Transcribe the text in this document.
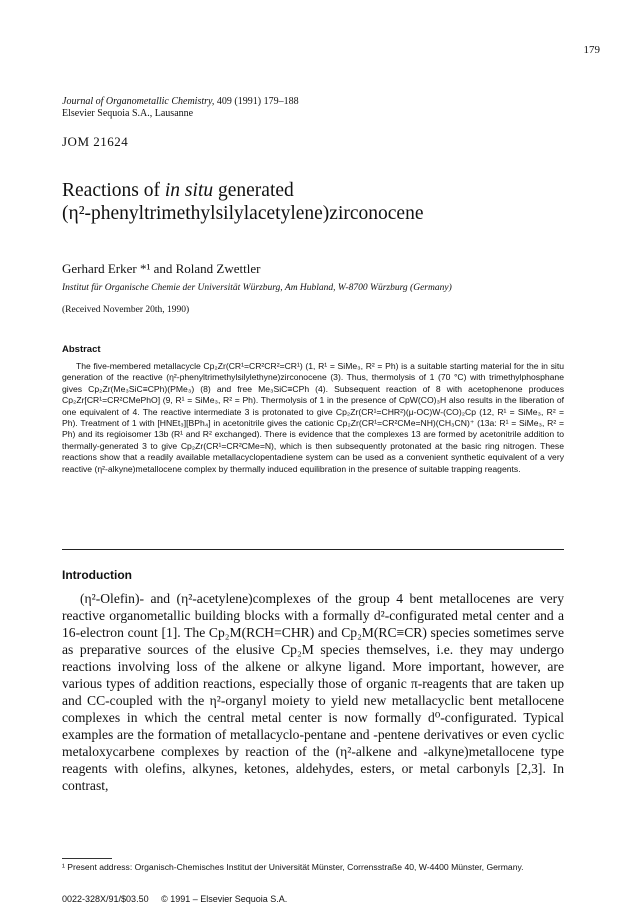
179
Journal of Organometallic Chemistry, 409 (1991) 179–188
Elsevier Sequoia S.A., Lausanne
JOM 21624
Reactions of in situ generated
(η²-phenyltrimethylsilylacetylene)zirconocene
Gerhard Erker *¹ and Roland Zwettler
Institut für Organische Chemie der Universität Würzburg, Am Hubland, W-8700 Würzburg (Germany)
(Received November 20th, 1990)
Abstract

The five-membered metallacycle Cp₂Zr(CR¹=CR²CR²=CR¹) (1, R¹ = SiMe₃, R² = Ph) is a suitable starting material for the in situ generation of the reactive (η²-phenyltrimethylsilylethyne)zirconocene (3). Thus, thermolysis of 1 (70 °C) with trimethylphosphane gives Cp₂Zr(Me₃SiC≡CPh)(PMe₃) (8) and free Me₃SiC≡CPh (4). Subsequent reaction of 8 with acetophenone produces Cp₂Zr[CR¹=CR²CMePhO] (9, R¹ = SiMe₃, R² = Ph). Thermolysis of 1 in the presence of CpW(CO)₃H also results in the liberation of one equivalent of 4. The reactive intermediate 3 is protonated to give Cp₂Zr(CR¹=CHR²)(μ-OC)W-(CO)₂Cp (12, R¹ = SiMe₃, R² = Ph). Treatment of 1 with [HNEt₃][BPh₄] in acetonitrile gives the cationic Cp₂Zr(CR¹=CR²CMe=NH)(CH₃CN)⁺ (13a: R¹ = SiMe₃, R² = Ph) and its regioisomer 13b (R¹ and R² exchanged). There is evidence that the complexes 13 are formed by acetonitrile addition to thermally-generated 3 to give Cp₂Zr(CR¹=CR²CMe=N), which is then subsequently protonated at the basic ring nitrogen. These reactions show that a readily available metallacyclopentadiene system can be used as a convenient synthetic equivalent of a very reactive (η²-alkyne)metallocene complex by thermally induced equilibration in the presence of suitable trapping reagents.

Introduction

(η²-Olefin)- and (η²-acetylene)complexes of the group 4 bent metallocenes are very reactive organometallic building blocks with a formally d²-configurated metal center and a 16-electron count [1]. The Cp₂M(RCH=CHR) and Cp₂M(RC≡CR) species sometimes serve as preparative sources of the elusive Cp₂M species themselves, i.e. they may undergo reactions involving loss of the alkene or alkyne ligand. More important, however, are various types of addition reactions, especially those of organic π-reagents that are taken up and CC-coupled with the η²-organyl moiety to yield new metallacyclic bent metallocene complexes in which the central metal center is now formally d⁰-configurated. Typical examples are the formation of metallacyclo-pentane and -pentene derivatives or even cyclic metaloxycarbene complexes by reaction of the (η²-alkene and -alkyne)metallocene type reagents with olefins, alkynes, ketones, aldehydes, esters, or metal carbonyls [2,3]. In contrast,

¹ Present address: Organisch-Chemisches Institut der Universität Münster, Corrensstraße 40, W-4400 Münster, Germany.
0022-328X/91/$03.50     © 1991 – Elsevier Sequoia S.A.
